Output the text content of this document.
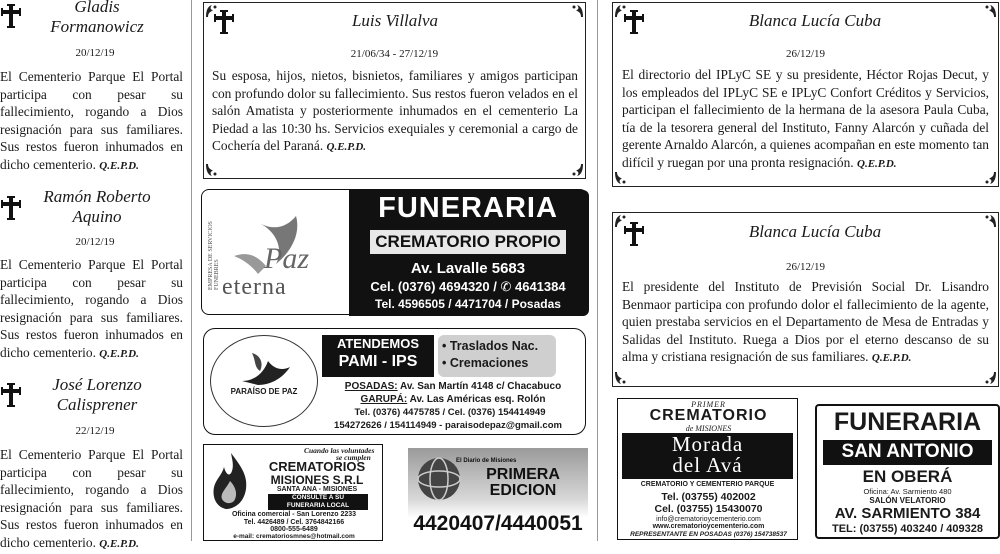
Gladis
Formanowicz
20/12/19
El Cementerio Parque El Portal participa con pesar su fallecimiento, rogando a Dios resignación para sus familiares. Sus restos fueron inhumados en dicho cementerio. Q.E.P.D.
Ramón Roberto
Aquino
20/12/19
El Cementerio Parque El Portal participa con pesar su fallecimiento, rogando a Dios resignación para sus familiares. Sus restos fueron inhumados en dicho cementerio. Q.E.P.D.
José Lorenzo
Calisprener
22/12/19
El Cementerio Parque El Portal participa con pesar su fallecimiento, rogando a Dios resignación para sus familiares. Sus restos fueron inhumados en dicho cementerio. Q.E.P.D.
Luis Villalva
21/06/34 - 27/12/19
Su esposa, hijos, nietos, bisnietos, familiares y amigos participan con profundo dolor su fallecimiento. Sus restos fueron velados en el salón Amatista y posteriormente inhumados en el cementerio La Piedad a las 10:30 hs. Servicios exequiales y ceremonial a cargo de Cochería del Paraná. Q.E.P.D.
EMPRESA DE SERVICIOS FUNEBRES Paz
eterna
FUNERARIA
CREMATORIO PROPIO
Av. Lavalle 5683
Cel. (0376) 4694320 / ✆ 4641384
Tel. 4596505 / 4471704 / Posadas
PARAÍSO DE PAZ
ATENDEMOS
PAMI - IPS
• Traslados Nac.
• Cremaciones
POSADAS: Av. San Martín 4148 c/ Chacabuco
GARUPÁ: Av. Las Américas esq. Rolón
Tel. (0376) 4475785 / Cel. (0376) 154414949
154272626 / 154114949 - paraisodepaz@gmail.com
Cuando las voluntades
se cumplen
CREMATORIOS
MISIONES S.R.L
SANTA ANA - MISIONES
CONSULTE A SU
FUNERARIA LOCAL
Oficina comercial - San Lorenzo 2233
Tel. 4426489 / Cel. 3764842166
0800-555-6489
e-mail: crematoriosmnes@hotmail.com
El Diario de Misiones
PRIMERA
EDICION
4420407/4440051
Blanca Lucía Cuba
26/12/19
El directorio del IPLyC SE y su presidente, Héctor Rojas Decut, y los empleados del IPLyC SE e IPLyC Confort Créditos y Servicios, participan el fallecimiento de la hermana de la asesora Paula Cuba, tía de la tesorera general del Instituto, Fanny Alarcón y cuñada del gerente Arnaldo Alarcón, a quienes acompañan en este momento tan difícil y ruegan por una pronta resignación. Q.E.P.D.
Blanca Lucía Cuba
26/12/19
El presidente del Instituto de Previsión Social Dr. Lisandro Benmaor participa con profundo dolor el fallecimiento de la agente, quien prestaba servicios en el Departamento de Mesa de Entradas y Salidas del Instituto. Ruega a Dios por el eterno descanso de su alma y cristiana resignación de sus familiares. Q.E.P.D.
PRIMER
CREMATORIO
de MISIONES
Morada
del Avá
CREMATORIO Y CEMENTERIO PARQUE
Tel. (03755) 402002
Cel. (03755) 15430070
info@crematorioycementerio.com
www.crematorioycementerio.com
REPRESENTANTE EN POSADAS (0376) 154738537
FUNERARIA
SAN ANTONIO
EN OBERÁ
Oficina: Av. Sarmiento 480
SALÓN VELATORIO
AV. SARMIENTO 384
TEL: (03755) 403240 / 409328
